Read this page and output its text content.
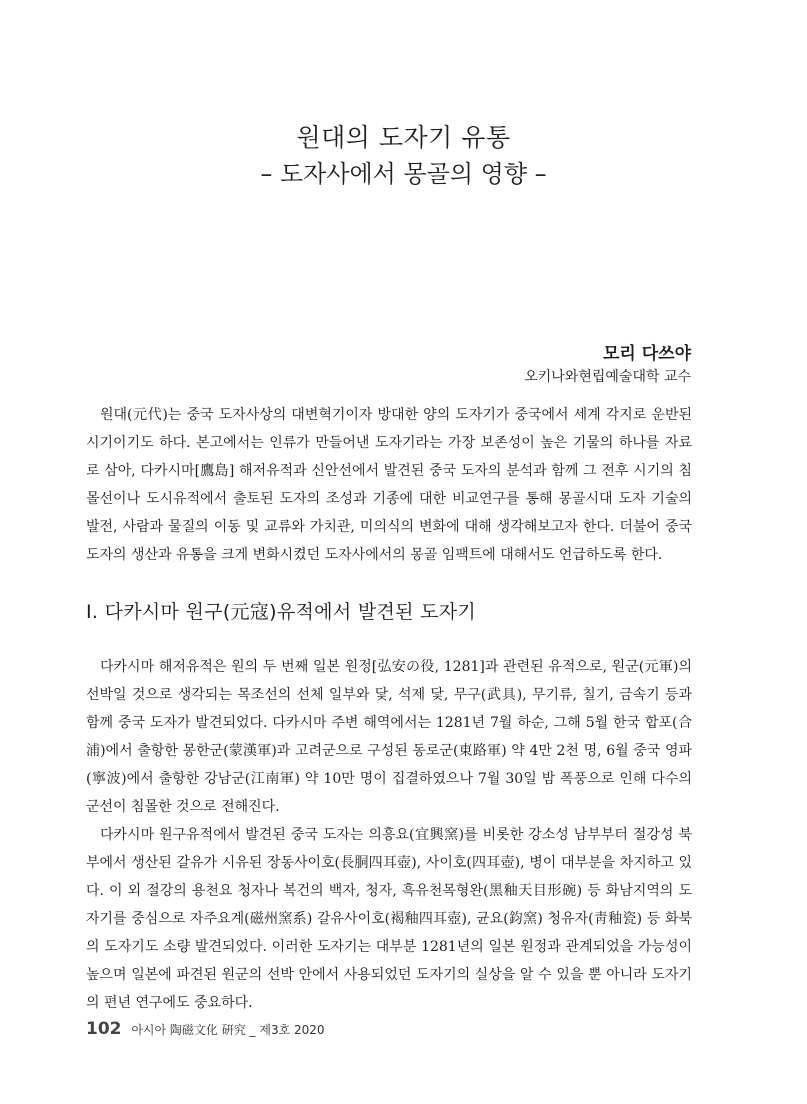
원대의 도자기 유통
– 도자사에서 몽골의 영향 –
모리 다쓰야
오키나와현립예술대학 교수

원대(元代)는 중국 도자사상의 대변혁기이자 방대한 양의 도자기가 중국에서 세계 각지로 운반된 시기이기도 하다. 본고에서는 인류가 만들어낸 도자기라는 가장 보존성이 높은 기물의 하나를 자료로 삼아, 다카시마[鷹島] 해저유적과 신안선에서 발견된 중국 도자의 분석과 함께 그 전후 시기의 침몰선이나 도시유적에서 출토된 도자의 조성과 기종에 대한 비교연구를 통해 몽골시대 도자 기술의 발전, 사람과 물질의 이동 및 교류와 가치관, 미의식의 변화에 대해 생각해보고자 한다. 더불어 중국 도자의 생산과 유통을 크게 변화시켰던 도자사에서의 몽골 임팩트에 대해서도 언급하도록 한다.

Ⅰ. 다카시마 원구(元寇)유적에서 발견된 도자기

다카시마 해저유적은 원의 두 번째 일본 원정[弘安の役, 1281]과 관련된 유적으로, 원군(元軍)의 선박일 것으로 생각되는 목조선의 선체 일부와 닻, 석제 닻, 무구(武具), 무기류, 칠기, 금속기 등과 함께 중국 도자가 발견되었다. 다카시마 주변 해역에서는 1281년 7월 하순, 그해 5월 한국 합포(合浦)에서 출항한 몽한군(蒙漢軍)과 고려군으로 구성된 동로군(東路軍) 약 4만 2천 명, 6월 중국 영파(寧波)에서 출항한 강남군(江南軍) 약 10만 명이 집결하였으나 7월 30일 밤 폭풍으로 인해 다수의 군선이 침몰한 것으로 전해진다.

다카시마 원구유적에서 발견된 중국 도자는 의흥요(宜興窯)를 비롯한 강소성 남부부터 절강성 북부에서 생산된 갈유가 시유된 장동사이호(長胴四耳壺), 사이호(四耳壺), 병이 대부분을 차지하고 있다. 이 외 절강의 용천요 청자나 복건의 백자, 청자, 흑유천목형완(黑釉天目形碗) 등 화남지역의 도자기를 중심으로 자주요계(磁州窯系) 갈유사이호(褐釉四耳壺), 균요(鈞窯) 청유자(靑釉瓷) 등 화북의 도자기도 소량 발견되었다. 이러한 도자기는 대부분 1281년의 일본 원정과 관계되었을 가능성이 높으며 일본에 파견된 원군의 선박 안에서 사용되었던 도자기의 실상을 알 수 있을 뿐 아니라 도자기의 편년 연구에도 중요하다.

102 아시아 陶磁文化 硏究 _ 제3호 2020
